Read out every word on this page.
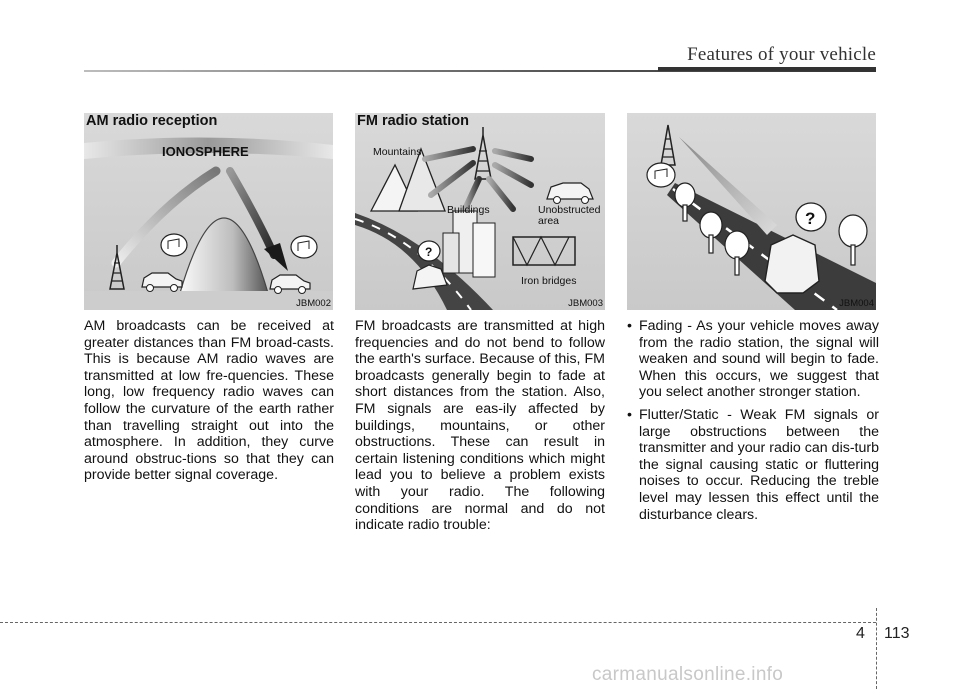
Features of your vehicle
IONOSPHERE
AM radio reception
JBM002
Mountains
Buildings	Unobstructed
area
Iron bridges
?
FM radio station
JBM003
?
JBM004
AM broadcasts can be received at greater distances than FM broad-casts. This is because AM radio waves are transmitted at low fre-quencies. These long, low frequency radio waves can follow the curvature of the earth rather than travelling straight out into the atmosphere. In addition, they curve around obstruc-tions so that they can provide better signal coverage.
FM broadcasts are transmitted at high frequencies and do not bend to follow the earth's surface. Because of this, FM broadcasts generally begin to fade at short distances from the station. Also, FM signals are eas-ily affected by buildings, mountains, or other obstructions. These can result in certain listening conditions which might lead you to believe a problem exists with your radio. The following conditions are normal and do not indicate radio trouble:
• Fading - As your vehicle moves away from the radio station, the signal will weaken and sound will begin to fade. When this occurs, we suggest that you select another stronger station.
• Flutter/Static - Weak FM signals or large obstructions between the transmitter and your radio can dis-turb the signal causing static or fluttering noises to occur. Reducing the treble level may lessen this effect until the disturbance clears.
4 113
carmanualsonline.info
